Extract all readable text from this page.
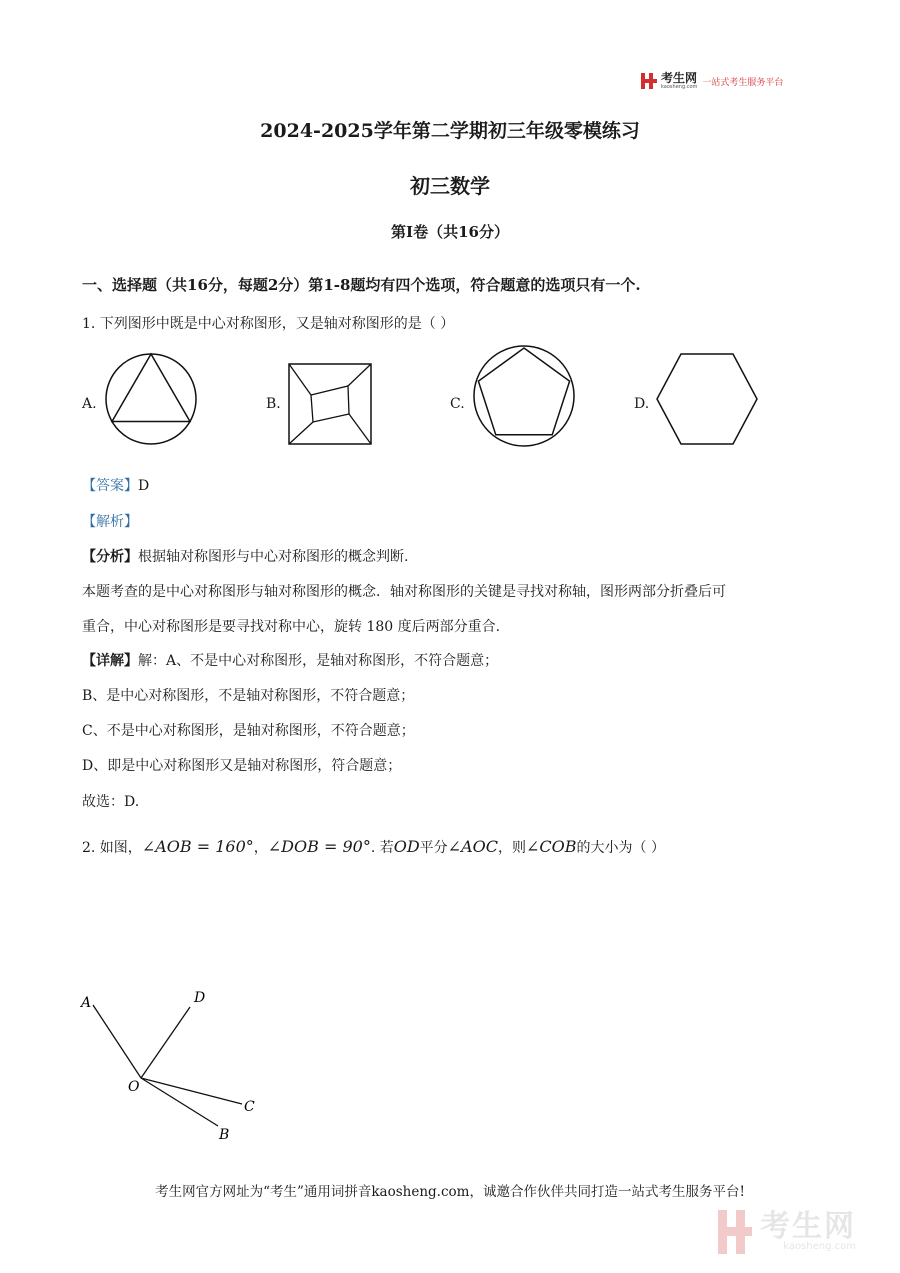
考生网
kaosheng.com 一站式考生服务平台
2024-2025学年第二学期初三年级零模练习
初三数学
第I卷（共16分）
一、选择题（共16分，每题2分）第1-8题均有四个选项，符合题意的选项只有一个.
1. 下列图形中既是中心对称图形，又是轴对称图形的是（ ）
A.	B.	C.	D.
【答案】D
【解析】
【分析】根据轴对称图形与中心对称图形的概念判断.
本题考查的是中心对称图形与轴对称图形的概念．轴对称图形的关键是寻找对称轴，图形两部分折叠后可
重合，中心对称图形是要寻找对称中心，旋转 180 度后两部分重合.
【详解】解：A、不是中心对称图形，是轴对称图形，不符合题意；
B、是中心对称图形，不是轴对称图形，不符合题意；
C、不是中心对称图形，是轴对称图形，不符合题意；
D、即是中心对称图形又是轴对称图形，符合题意；
故选：D.
2. 如图，∠AOB = 160°，∠DOB = 90°. 若OD平分∠AOC，则∠COB的大小为（ ）
A	D
O
C
B
考生网官方网址为“考生”通用词拼音kaosheng.com，诚邀合作伙伴共同打造一站式考生服务平台!
考生网
kaosheng.com
